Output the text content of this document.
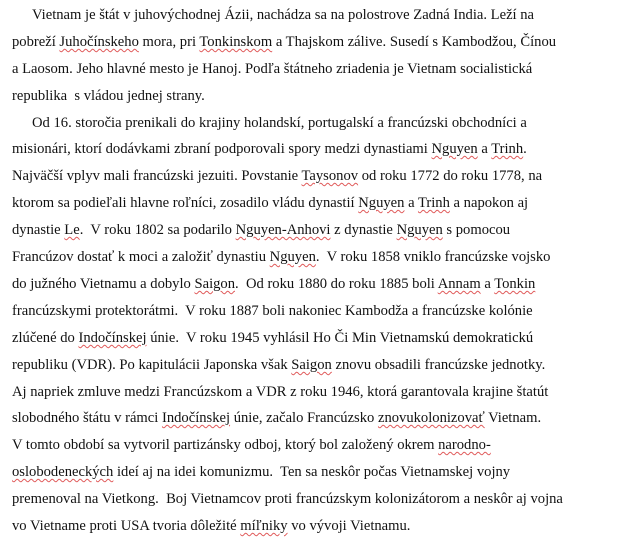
Vietnam je štát v juhovýchodnej Ázii, nachádza sa na polostrove Zadná India. Leží na
pobreží Juhočínskeho mora, pri Tonkinskom a Thajskom zálive. Susedí s Kambodžou, Čínou
a Laosom. Jeho hlavné mesto je Hanoj. Podľa štátneho zriadenia je Vietnam socialistická
republika  s vládou jednej strany.
Od 16. storočia prenikali do krajiny holandskí, portugalskí a francúzski obchodníci a
misionári, ktorí dodávkami zbraní podporovali spory medzi dynastiami Nguyen a Trinh.
Najväčší vplyv mali francúzski jezuiti. Povstanie Taysonov od roku 1772 do roku 1778, na
ktorom sa podieľali hlavne roľníci, zosadilo vládu dynastií Nguyen a Trinh a napokon aj
dynastie Le.  V roku 1802 sa podarilo Nguyen-Anhovi z dynastie Nguyen s pomocou
Francúzov dostať k moci a založiť dynastiu Nguyen.  V roku 1858 vniklo francúzske vojsko
do južného Vietnamu a dobylo Saigon.  Od roku 1880 do roku 1885 boli Annam a Tonkin
francúzskymi protektorátmi.  V roku 1887 boli nakoniec Kambodža a francúzske kolónie
zlúčené do Indočínskej únie.  V roku 1945 vyhlásil Ho Či Min Vietnamskú demokratickú
republiku (VDR). Po kapitulácii Japonska však Saigon znovu obsadili francúzske jednotky.
Aj napriek zmluve medzi Francúzskom a VDR z roku 1946, ktorá garantovala krajine štatút
slobodného štátu v rámci Indočínskej únie, začalo Francúzsko znovukolonizovať Vietnam.
V tomto období sa vytvoril partizánsky odboj, ktorý bol založený okrem narodno-
oslobodeneckých ideí aj na idei komunizmu.  Ten sa neskôr počas Vietnamskej vojny
premenoval na Vietkong.  Boj Vietnamcov proti francúzskym kolonizátorom a neskôr aj vojna
vo Vietname proti USA tvoria dôležité míľniky vo vývoji Vietnamu.
